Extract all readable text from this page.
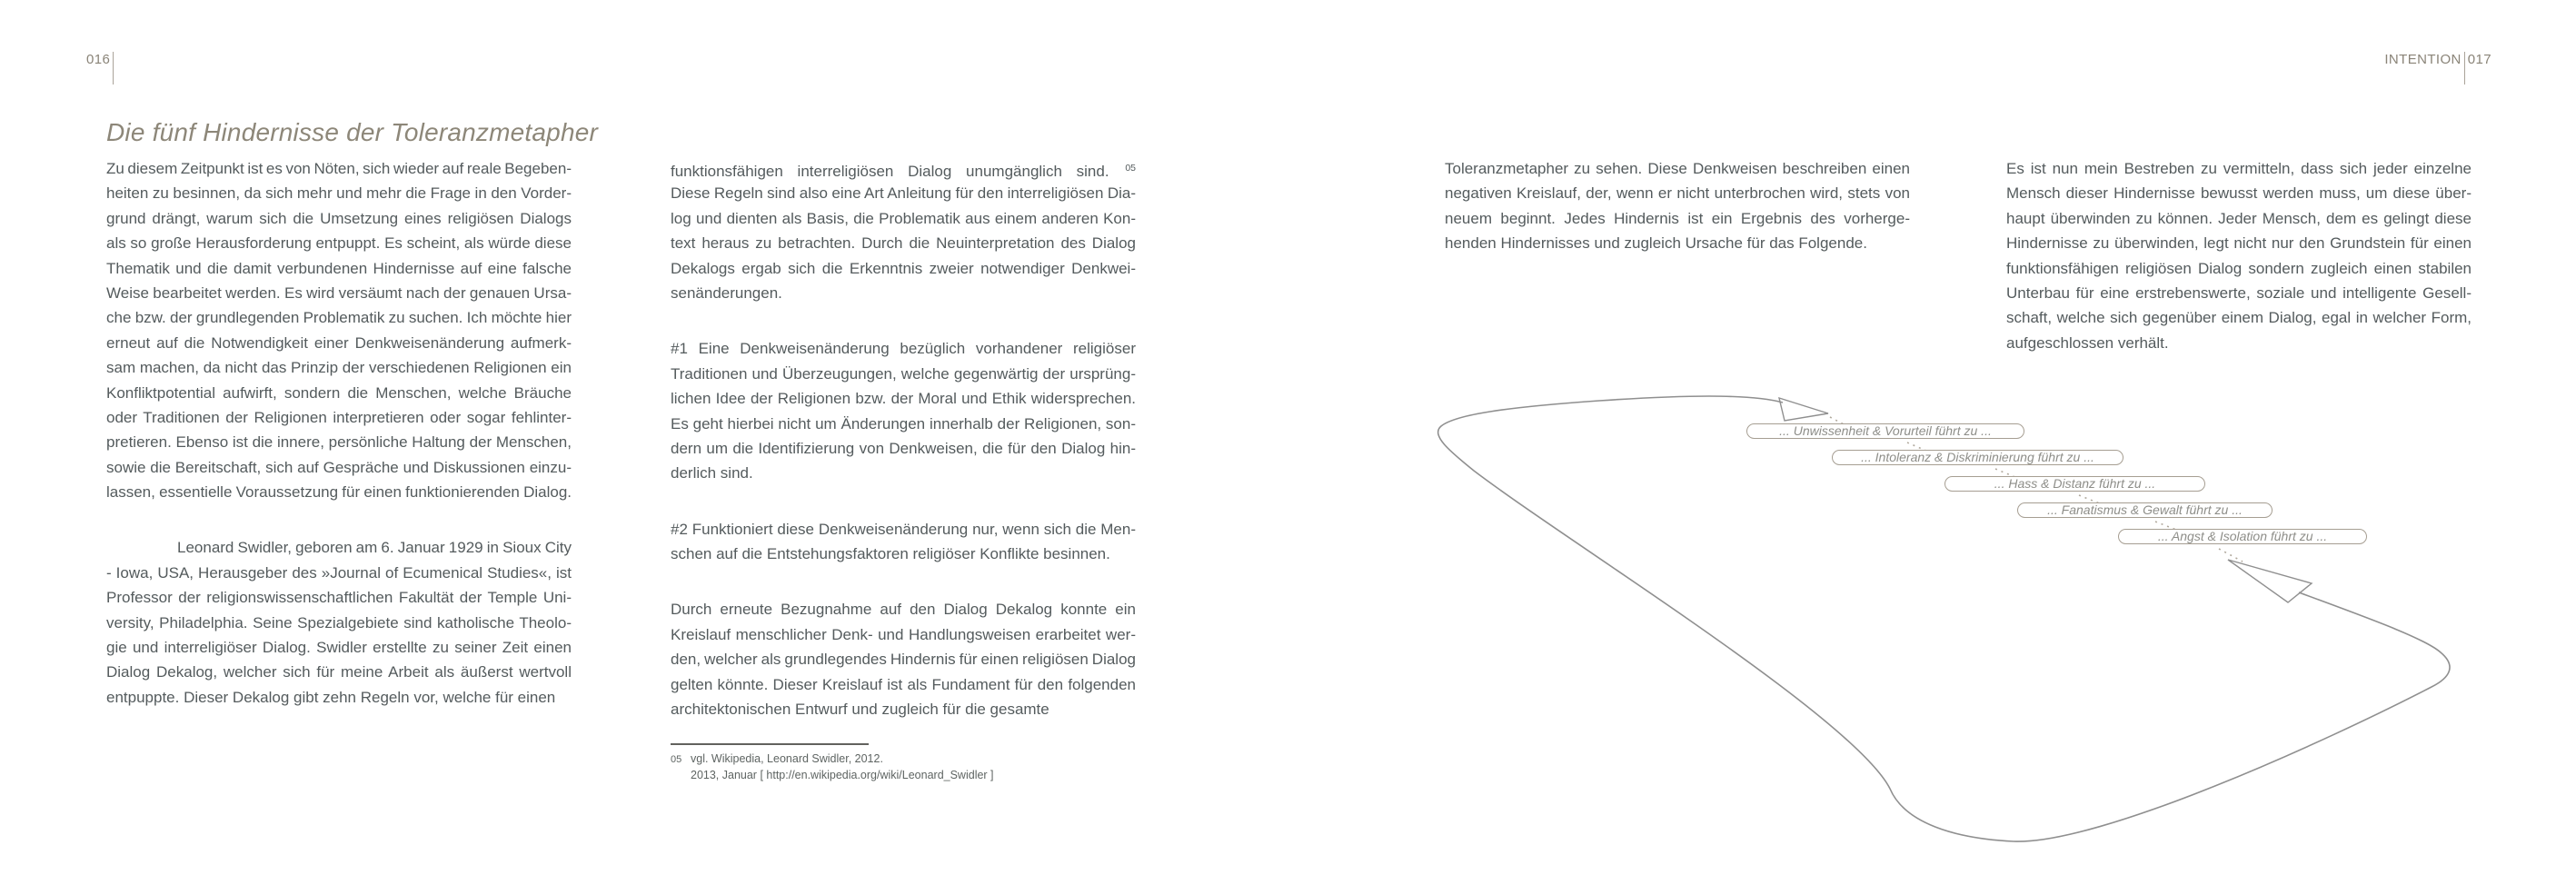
016	INTENTION 017
Die fünf Hindernisse der Toleranzmetapher
Zu diesem Zeitpunkt ist es von Nöten, sich wieder auf reale Begeben-
heiten zu besinnen, da sich mehr und mehr die Frage in den Vorder-
grund drängt, warum sich die Umsetzung eines religiösen Dialogs
als so große Herausforderung entpuppt. Es scheint, als würde diese
Thematik und die damit verbundenen Hindernisse auf eine falsche
Weise bearbeitet werden. Es wird versäumt nach der genauen Ursa-
che bzw. der grundlegenden Problematik zu suchen. Ich möchte hier
erneut auf die Notwendigkeit einer Denkweisenänderung aufmerk-
sam machen, da nicht das Prinzip der verschiedenen Religionen ein
Konfliktpotential aufwirft, sondern die Menschen, welche Bräuche
oder Traditionen der Religionen interpretieren oder sogar fehlinter-
pretieren. Ebenso ist die innere, persönliche Haltung der Menschen,
sowie die Bereitschaft, sich auf Gespräche und Diskussionen einzu-
lassen, essentielle Voraussetzung für einen funktionierenden Dialog.
Leonard Swidler, geboren am 6. Januar 1929 in Sioux City
- Iowa, USA, Herausgeber des »Journal of Ecumenical Studies«, ist
Professor der religionswissenschaftlichen Fakultät der Temple Uni-
versity, Philadelphia. Seine Spezialgebiete sind katholische Theolo-
gie und interreligiöser Dialog. Swidler erstellte zu seiner Zeit einen
Dialog Dekalog, welcher sich für meine Arbeit als äußerst wertvoll
entpuppte. Dieser Dekalog gibt zehn Regeln vor, welche für einen
funktionsfähigen interreligiösen Dialog unumgänglich sind. $^{05}$
Diese Regeln sind also eine Art Anleitung für den interreligiösen Dia-
log und dienten als Basis, die Problematik aus einem anderen Kon-
text heraus zu betrachten. Durch die Neuinterpretation des Dialog
Dekalogs ergab sich die Erkenntnis zweier notwendiger Denkwei-
senänderungen.
#1 Eine Denkweisenänderung bezüglich vorhandener religiöser
Traditionen und Überzeugungen, welche gegenwärtig der ursprüng-
lichen Idee der Religionen bzw. der Moral und Ethik widersprechen.
Es geht hierbei nicht um Änderungen innerhalb der Religionen, son-
dern um die Identifizierung von Denkweisen, die für den Dialog hin-
derlich sind.
#2 Funktioniert diese Denkweisenänderung nur, wenn sich die Men-
schen auf die Entstehungsfaktoren religiöser Konflikte besinnen.
Durch erneute Bezugnahme auf den Dialog Dekalog konnte ein
Kreislauf menschlicher Denk- und Handlungsweisen erarbeitet wer-
den, welcher als grundlegendes Hindernis für einen religiösen Dialog
gelten könnte. Dieser Kreislauf ist als Fundament für den folgenden
architektonischen Entwurf und zugleich für die gesamte
Toleranzmetapher zu sehen. Diese Denkweisen beschreiben einen
negativen Kreislauf, der, wenn er nicht unterbrochen wird, stets von
neuem beginnt. Jedes Hindernis ist ein Ergebnis des vorherge-
henden Hindernisses und zugleich Ursache für das Folgende.
Es ist nun mein Bestreben zu vermitteln, dass sich jeder einzelne
Mensch dieser Hindernisse bewusst werden muss, um diese über-
haupt überwinden zu können. Jeder Mensch, dem es gelingt diese
Hindernisse zu überwinden, legt nicht nur den Grundstein für einen
funktionsfähigen religiösen Dialog sondern zugleich einen stabilen
Unterbau für eine erstrebenswerte, soziale und intelligente Gesell-
schaft, welche sich gegenüber einem Dialog, egal in welcher Form,
aufgeschlossen verhält.
05 vgl. Wikipedia, Leonard Swidler, 2012.
2013, Januar [ http://en.wikipedia.org/wiki/Leonard_Swidler ]
... Unwissenheit & Vorurteil führt zu ...
... Intoleranz & Diskriminierung führt zu ...
... Hass & Distanz führt zu ...
... Fanatismus & Gewalt führt zu ...
... Angst & Isolation führt zu ...
